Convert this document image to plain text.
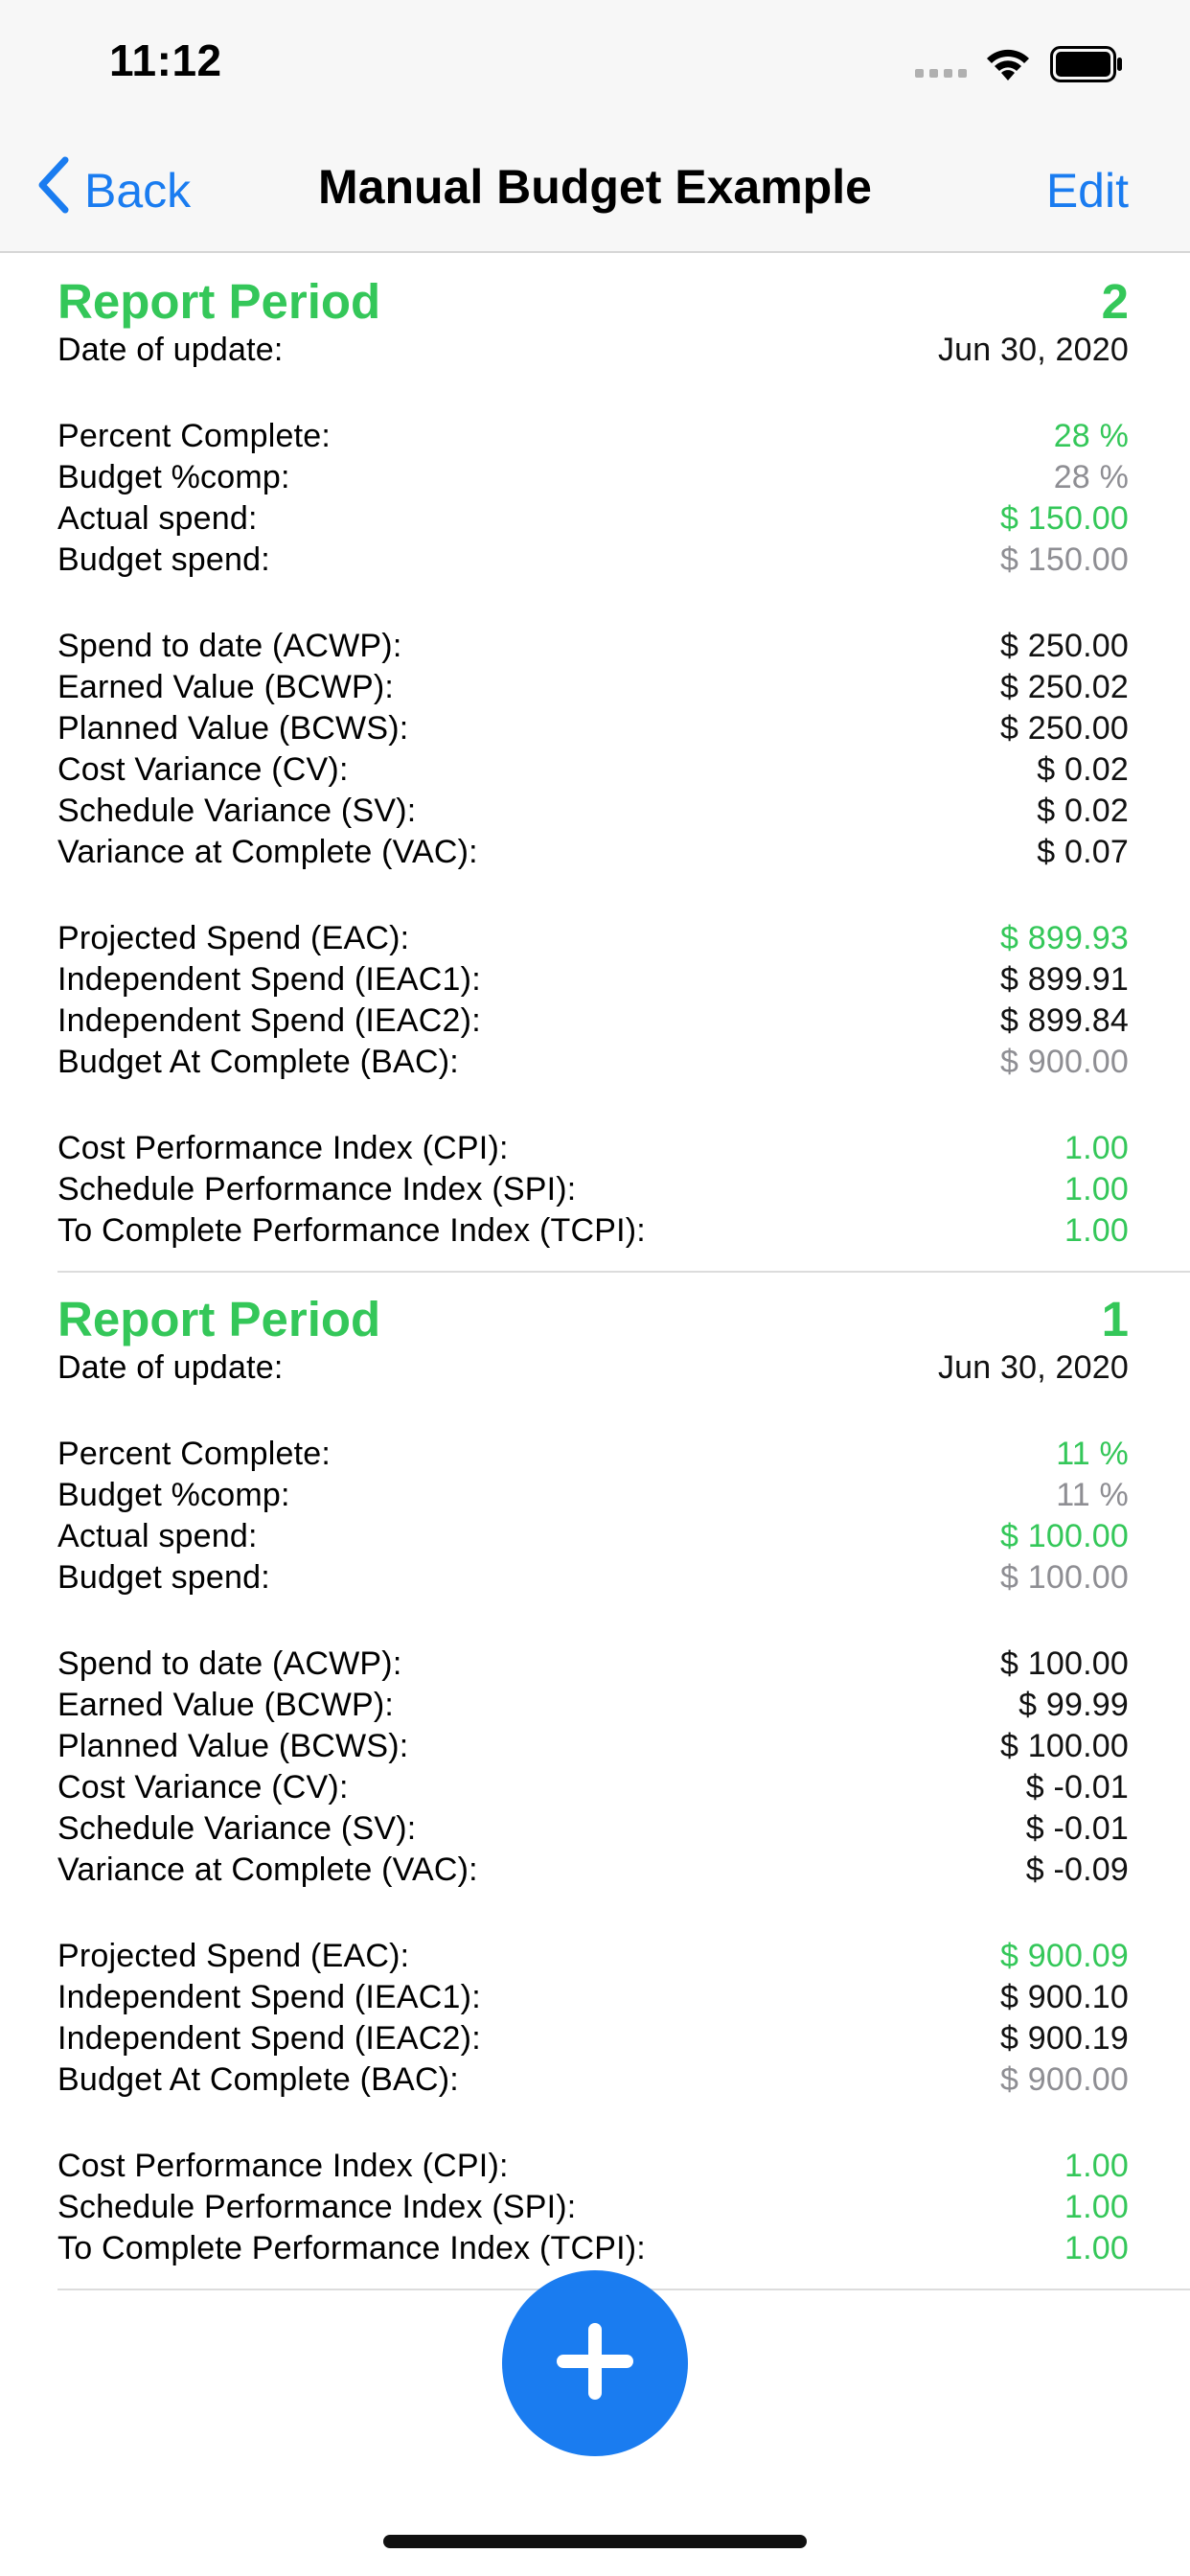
11:12
Back	Manual Budget Example	Edit
Report Period	2
Date of update:	Jun 30, 2020
Percent Complete:	28 %
Budget %comp:	28 %
Actual spend:	$ 150.00
Budget spend:	$ 150.00
Spend to date (ACWP):	$ 250.00
Earned Value (BCWP):	$ 250.02
Planned Value (BCWS):	$ 250.00
Cost Variance (CV):	$ 0.02
Schedule Variance (SV):	$ 0.02
Variance at Complete (VAC):	$ 0.07
Projected Spend (EAC):	$ 899.93
Independent Spend (IEAC1):	$ 899.91
Independent Spend (IEAC2):	$ 899.84
Budget At Complete (BAC):	$ 900.00
Cost Performance Index (CPI):	1.00
Schedule Performance Index (SPI):	1.00
To Complete Performance Index (TCPI):	1.00
Report Period	1
Date of update:	Jun 30, 2020
Percent Complete:	11 %
Budget %comp:	11 %
Actual spend:	$ 100.00
Budget spend:	$ 100.00
Spend to date (ACWP):	$ 100.00
Earned Value (BCWP):	$ 99.99
Planned Value (BCWS):	$ 100.00
Cost Variance (CV):	$ -0.01
Schedule Variance (SV):	$ -0.01
Variance at Complete (VAC):	$ -0.09
Projected Spend (EAC):	$ 900.09
Independent Spend (IEAC1):	$ 900.10
Independent Spend (IEAC2):	$ 900.19
Budget At Complete (BAC):	$ 900.00
Cost Performance Index (CPI):	1.00
Schedule Performance Index (SPI):	1.00
To Complete Performance Index (TCPI):	1.00
